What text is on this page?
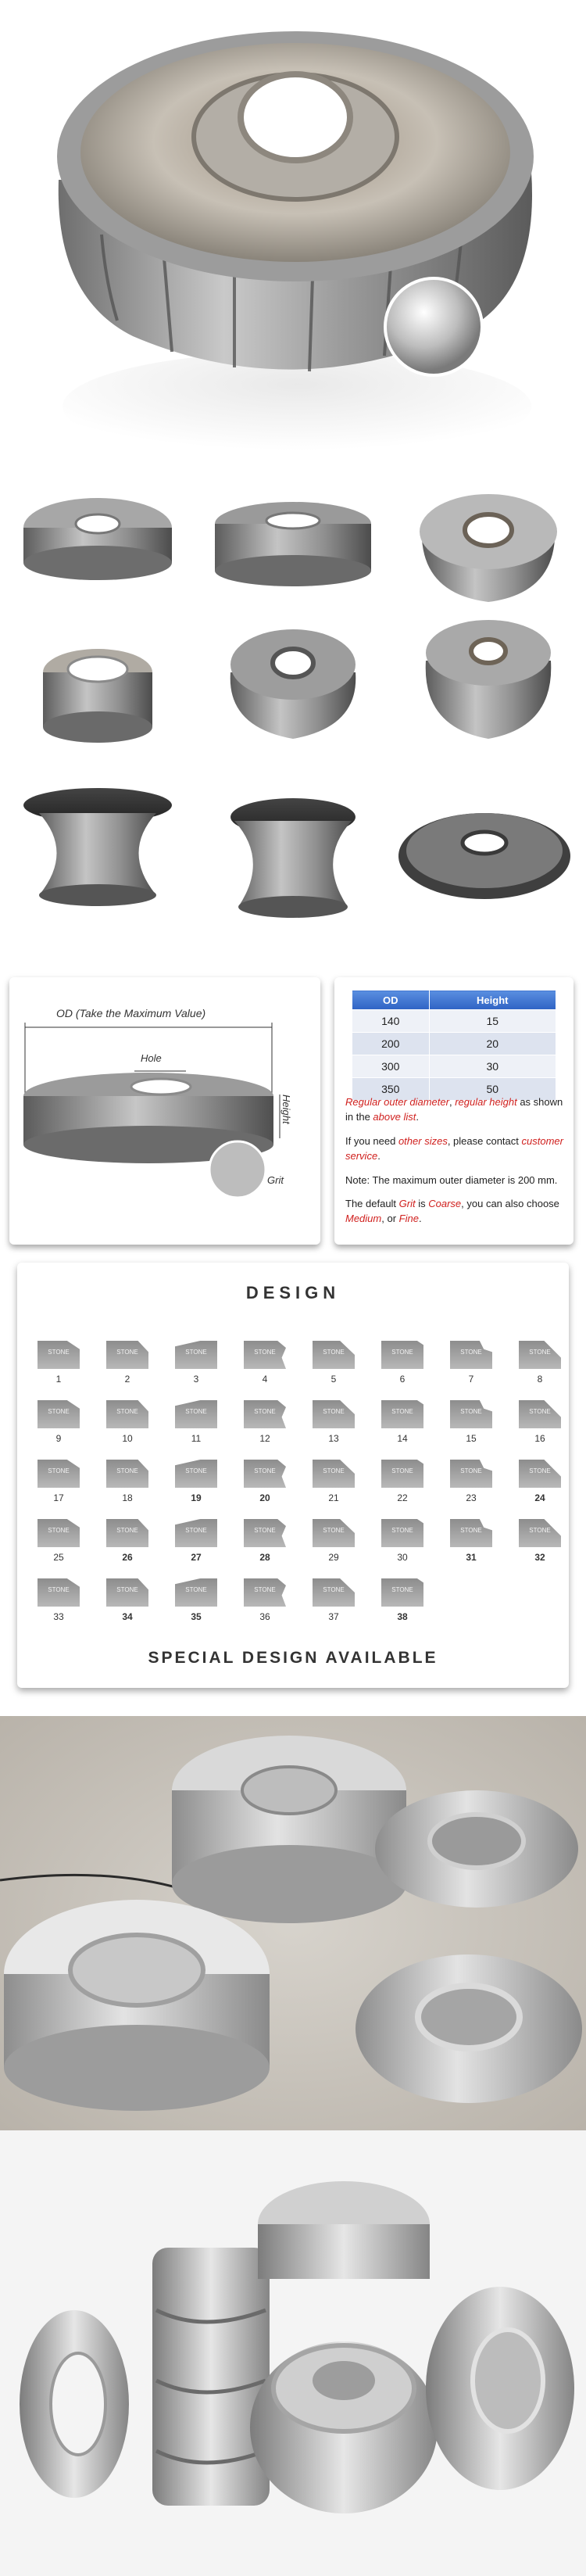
OD (Take the Maximum Value)
Hole
Height
Grit
OD	Height
140	15
200	20
300	30
350	50
Regular outer diameter, regular height as shown in the above list.
If you need other sizes, please contact customer service.
Note: The maximum outer diameter is 200 mm.
The default Grit is Coarse, you can also choose Medium, or Fine.
DESIGN
STONE
1
STONE
2
STONE
3
STONE
4
STONE
5
STONE
6
STONE
7
STONE
8
STONE
9
STONE
10
STONE
11
STONE
12
STONE
13
STONE
14
STONE
15
STONE
16
STONE
17
STONE
18
STONE
19
STONE
20
STONE
21
STONE
22
STONE
23
STONE
24
STONE
25
STONE
26
STONE
27
STONE
28
STONE
29
STONE
30
STONE
31
STONE
32
STONE
33
STONE
34
STONE
35
STONE
36
STONE
37
STONE
38
SPECIAL DESIGN AVAILABLE
